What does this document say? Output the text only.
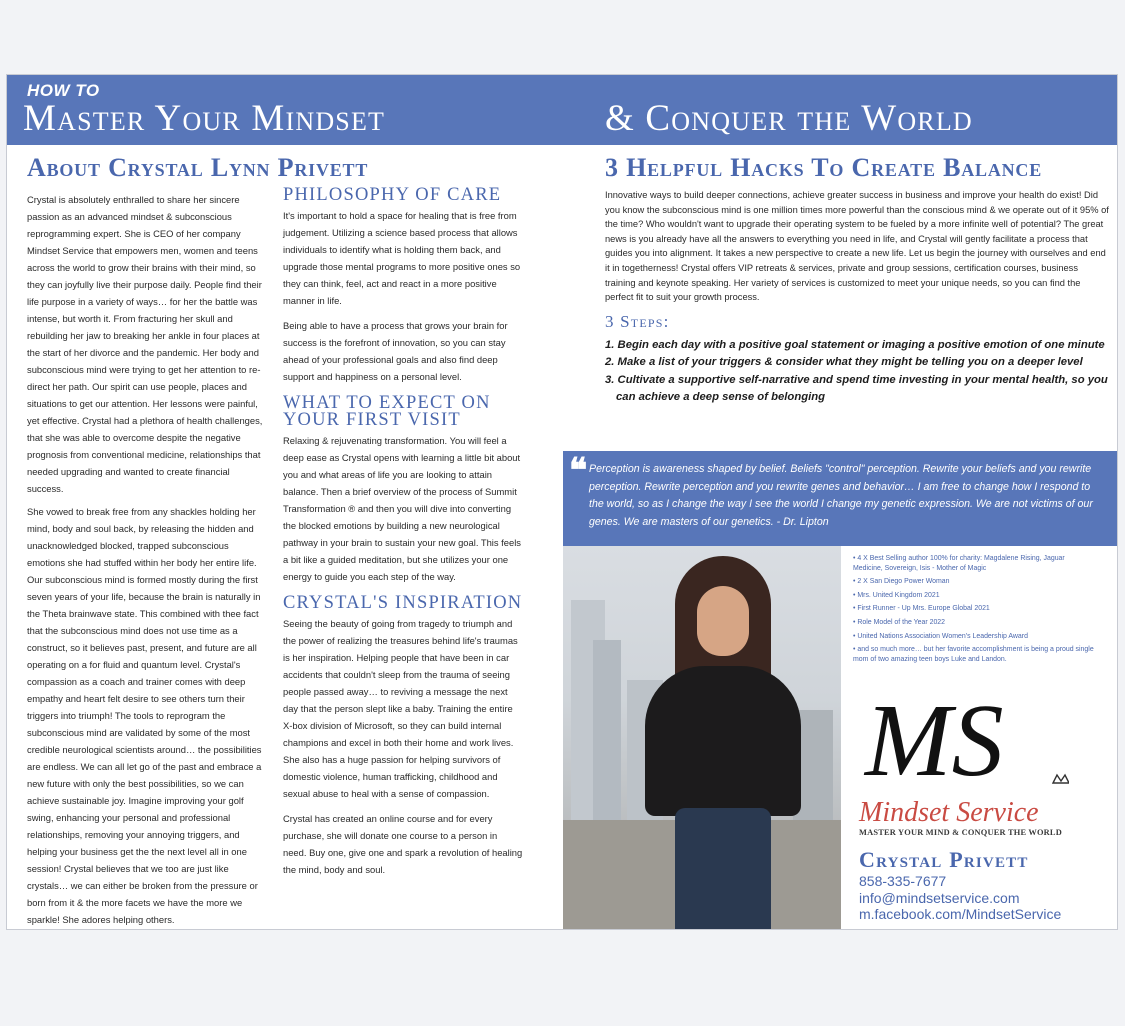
HOW TO
Master Your Mindset	& Conquer the World
About Crystal Lynn Privett

Crystal is absolutely enthralled to share her sincere passion as an advanced mindset & subconscious reprogramming expert. She is CEO of her company Mindset Service that empowers men, women and teens across the world to grow their brains with their mind, so they can joyfully live their purpose daily. People find their life purpose in a variety of ways… for her the battle was intense, but worth it. From fracturing her skull and rebuilding her jaw to breaking her ankle in four places at the start of her divorce and the pandemic. Her body and subconscious mind were trying to get her attention to re-direct her path. Our spirit can use people, places and situations to get our attention. Her lessons were painful, yet effective. Crystal had a plethora of health challenges, that she was able to overcome despite the negative prognosis from conventional medicine, relationships that needed upgrading and wanted to create financial success.

She vowed to break free from any shackles holding her mind, body and soul back, by releasing the hidden and unacknowledged blocked, trapped subconscious emotions she had stuffed within her body her entire life. Our subconscious mind is formed mostly during the first seven years of your life, because the brain is naturally in the Theta brainwave state. This combined with thee fact that the subconscious mind does not use time as a construct, so it believes past, present, and future are all operating on a for fluid and quantum level. Crystal's compassion as a coach and trainer comes with deep empathy and heart felt desire to see others turn their triggers into triumph! The tools to reprogram the subconscious mind are validated by some of the most credible neurological scientists around… the possibilities are endless. We can all let go of the past and embrace a new future with only the best possibilities, so we can achieve sustainable joy. Imagine improving your golf swing, enhancing your personal and professional relationships, removing your annoying triggers, and helping your business get the the next level all in one session! Crystal believes that we too are just like crystals… we can either be broken from the pressure or born from it & the more facets we have the more we sparkle! She adores helping others.

PHILOSOPHY OF CARE

It's important to hold a space for healing that is free from judgement. Utilizing a science based process that allows individuals to identify what is holding them back, and upgrade those mental programs to more positive ones so they can think, feel, act and react in a more positive manner in life.

Being able to have a process that grows your brain for success is the forefront of innovation, so you can stay ahead of your professional goals and also find deep support and happiness on a personal level.

WHAT TO EXPECT ON YOUR FIRST VISIT

Relaxing & rejuvenating transformation. You will feel a deep ease as Crystal opens with learning a little bit about you and what areas of life you are looking to attain balance. Then a brief overview of the process of Summit Transformation ® and then you will dive into converting the blocked emotions by building a new neurological pathway in your brain to sustain your new goal. This feels a bit like a guided meditation, but she utilizes your one energy to guide you each step of the way.

CRYSTAL'S INSPIRATION

Seeing the beauty of going from tragedy to triumph and the power of realizing the treasures behind life's traumas is her inspiration. Helping people that have been in car accidents that couldn't sleep from the trauma of seeing people passed away… to reviving a message the next day that the person slept like a baby. Training the entire X-box division of Microsoft, so they can build internal champions and excel in both their home and work lives. She also has a huge passion for helping survivors of domestic violence, human trafficking, childhood and sexual abuse to heal with a sense of compassion.

Crystal has created an online course and for every purchase, she will donate one course to a person in need. Buy one, give one and spark a revolution of healing the mind, body and soul.

3 Helpful Hacks To Create Balance

Innovative ways to build deeper connections, achieve greater success in business and improve your health do exist! Did you know the subconscious mind is one million times more powerful than the conscious mind & we operate out of it 95% of the time? Who wouldn't want to upgrade their operating system to be fueled by a more infinite well of potential? The great news is you already have all the answers to everything you need in life, and Crystal will gently facilitate a process that guides you into alignment. It takes a new perspective to create a new life. Let us begin the journey with ourselves and end it in togetherness! Crystal offers VIP retreats & services, private and group sessions, certification courses, business training and keynote speaking. Her variety of services is customized to meet your unique needs, so you can find the perfect fit to suit your growth process.

3 Steps:
1. Begin each day with a positive goal statement or imaging a positive emotion of one minute
2. Make a list of your triggers & consider what they might be telling you on a deeper level
3. Cultivate a supportive self-narrative and spend time investing in your mental health, so you can achieve a deep sense of belonging
❝ Perception is awareness shaped by belief. Beliefs "control" perception. Rewrite your beliefs and you rewrite perception. Rewrite perception and you rewrite genes and behavior… I am free to change how I respond to the world, so as I change the way I see the world I change my genetic expression. We are not victims of our genes. We are masters of our genetics. - Dr. Lipton

• 4 X Best Selling author 100% for charity: Magdalene Rising, Jaguar Medicine, Sovereign, Isis - Mother of Magic
• 2 X San Diego Power Woman
• Mrs. United Kingdom 2021
• First Runner - Up Mrs. Europe Global 2021
• Role Model of the Year 2022
• United Nations Association Women's Leadership Award
• and so much more… but her favorite accomplishment is being a proud single mom of two amazing teen boys Luke and Landon.
MS
Mindset Service
MASTER YOUR MIND & CONQUER THE WORLD
Crystal Privett
858-335-7677
info@mindsetservice.com
m.facebook.com/MindsetService
